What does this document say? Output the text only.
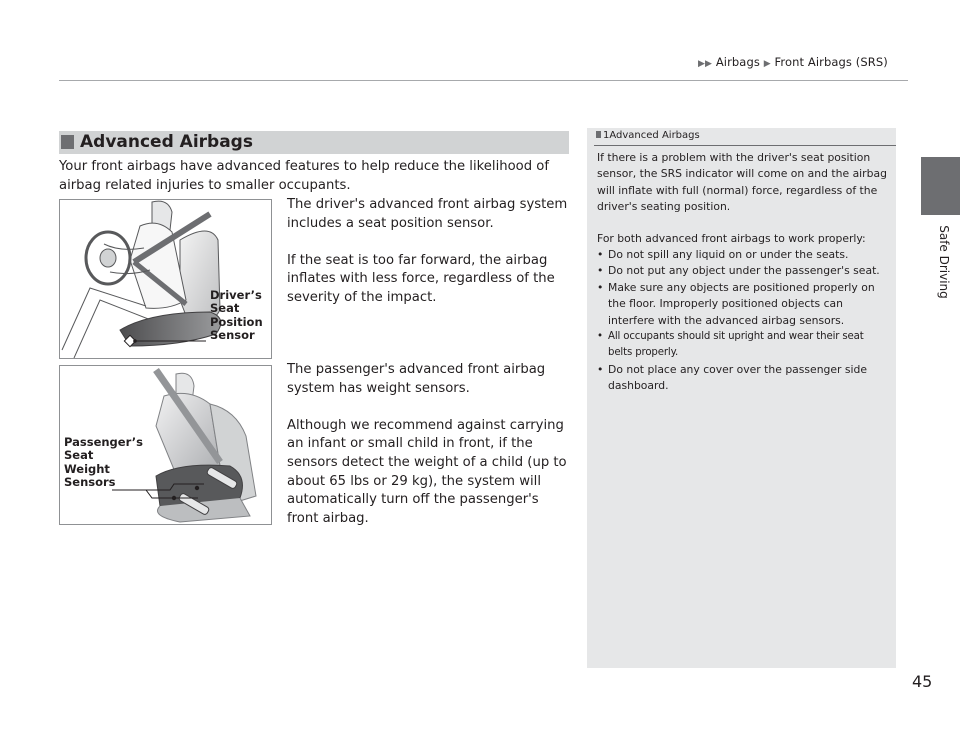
▶▶ Airbags ▶ Front Airbags (SRS)
Safe Driving
Advanced Airbags
Your front airbags have advanced features to help reduce the likelihood of airbag related injuries to smaller occupants.
Driver’s
Seat
Position
Sensor
The driver's advanced front airbag system includes a seat position sensor.
If the seat is too far forward, the airbag inflates with less force, regardless of the severity of the impact.
Passenger’s
Seat
Weight
Sensors
The passenger's advanced front airbag system has weight sensors.
Although we recommend against carrying an infant or small child in front, if the sensors detect the weight of a child (up to about 65 lbs or 29 kg), the system will automatically turn off the passenger's front airbag.
1Advanced Airbags

If there is a problem with the driver's seat position sensor, the SRS indicator will come on and the airbag will inflate with full (normal) force, regardless of the driver's seating position.

For both advanced front airbags to work properly:

• Do not spill any liquid on or under the seats.
• Do not put any object under the passenger's seat.
• Make sure any objects are positioned properly on the floor. Improperly positioned objects can interfere with the advanced airbag sensors.
• All occupants should sit upright and wear their seat belts properly.
• Do not place any cover over the passenger side dashboard.
45
